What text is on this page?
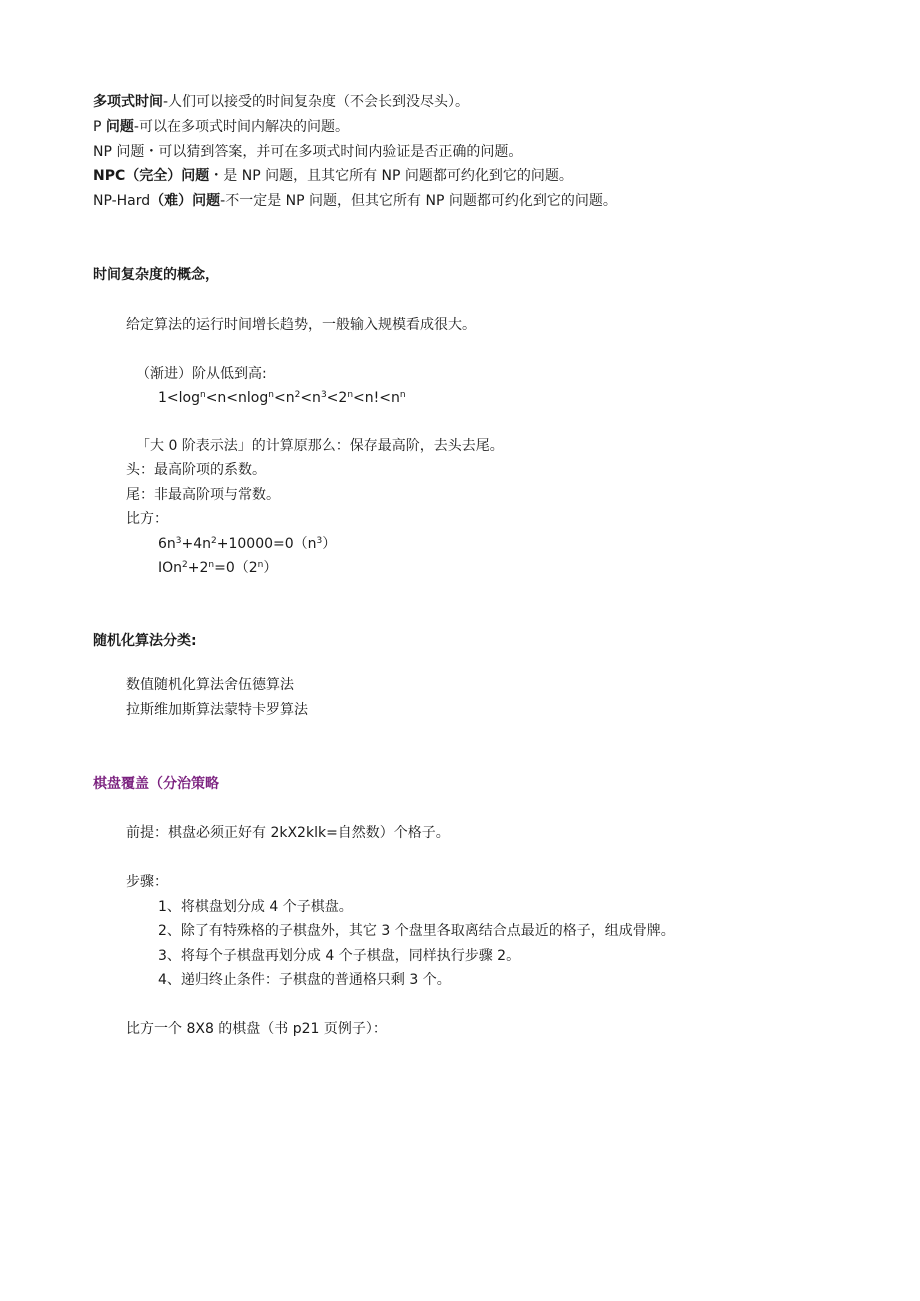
多项式时间-人们可以接受的时间复杂度（不会长到没尽头）。
P 问题-可以在多项式时间内解决的问题。
NP 问题・可以猜到答案，并可在多项式时间内验证是否正确的问题。
NPC（完全）问题・是 NP 问题，且其它所有 NP 问题都可约化到它的问题。
NP-Hard（难）问题-不一定是 NP 问题，但其它所有 NP 问题都可约化到它的问题。
时间复杂度的概念，
给定算法的运行时间增长趋势，一般输入规模看成很大。
（渐进）阶从低到高:
$1<\log^n<n<nlog^n<n^2<n^3<2^n<n!<n^n$
「大 0 阶表示法」的计算原那么：保存最高阶，去头去尾。
头：最高阶项的系数。
尾：非最高阶项与常数。
比方：
$6n^3+4n^2+10000=0(n^3)$
$IOn^2+2^n=0(2^n)$
随机化算法分类:
数值随机化算法舍伍德算法
拉斯维加斯算法蒙特卡罗算法
棋盘覆盖（分治策略
前提：棋盘必须正好有 2kX2klk=自然数）个格子。
步骤：
1、将棋盘划分成 4 个子棋盘。
2、除了有特殊格的子棋盘外，其它 3 个盘里各取离结合点最近的格子，组成骨牌。
3、将每个子棋盘再划分成 4 个子棋盘，同样执行步骤 2。
4、递归终止条件：子棋盘的普通格只剩 3 个。
比方一个 8X8 的棋盘（书 p21 页例子）：
